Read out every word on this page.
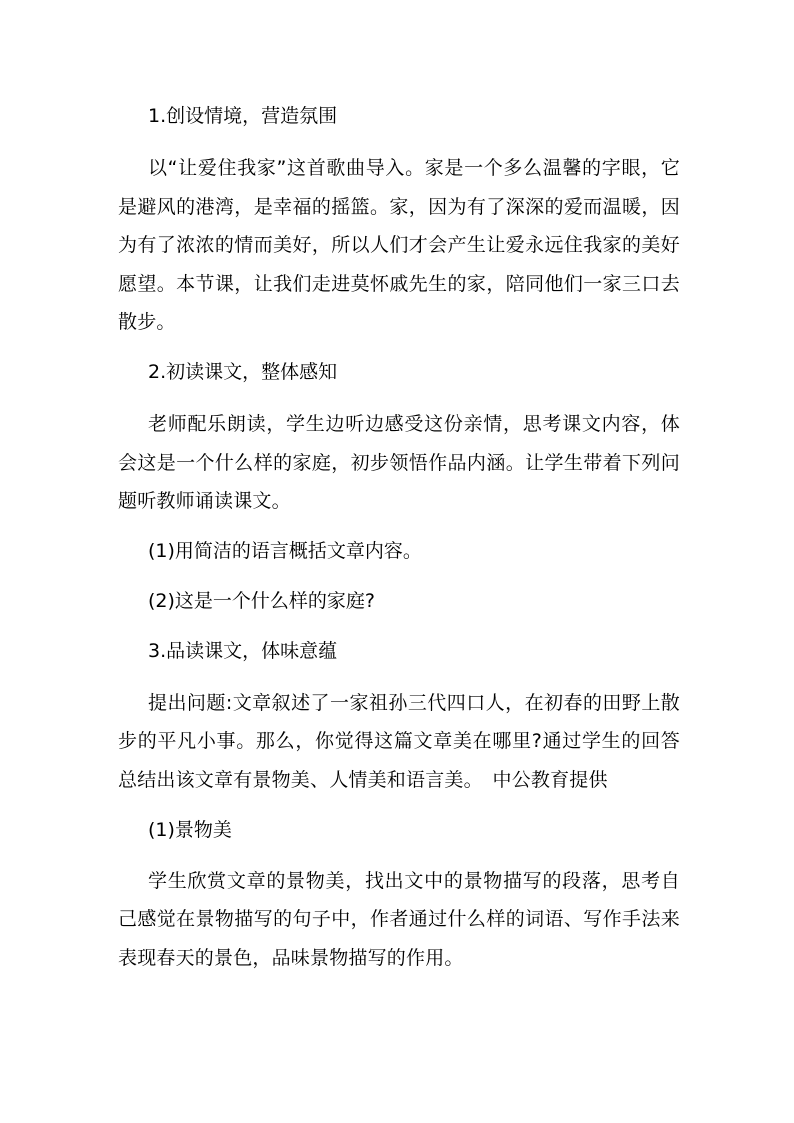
1.创设情境，营造氛围
以“让爱住我家”这首歌曲导入。家是一个多么温馨的字眼，它是避风的港湾，是幸福的摇篮。家，因为有了深深的爱而温暖，因为有了浓浓的情而美好，所以人们才会产生让爱永远住我家的美好愿望。本节课，让我们走进莫怀戚先生的家，陪同他们一家三口去散步。
2.初读课文，整体感知
老师配乐朗读，学生边听边感受这份亲情，思考课文内容，体会这是一个什么样的家庭，初步领悟作品内涵。让学生带着下列问题听教师诵读课文。
(1)用简洁的语言概括文章内容。
(2)这是一个什么样的家庭?
3.品读课文，体味意蕴
提出问题:文章叙述了一家祖孙三代四口人，在初春的田野上散步的平凡小事。那么，你觉得这篇文章美在哪里?通过学生的回答总结出该文章有景物美、人情美和语言美。　中公教育提供
(1)景物美
学生欣赏文章的景物美，找出文中的景物描写的段落，思考自己感觉在景物描写的句子中，作者通过什么样的词语、写作手法来表现春天的景色，品味景物描写的作用。
